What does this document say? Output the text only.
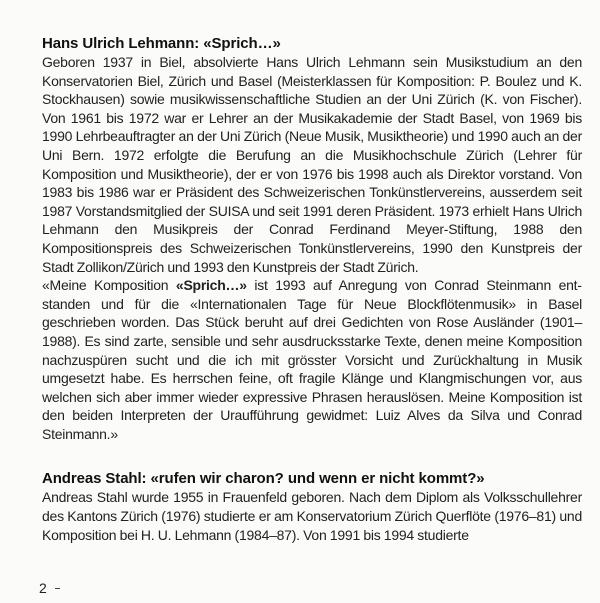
Hans Ulrich Lehmann: «Sprich…»

Geboren 1937 in Biel, absolvierte Hans Ulrich Lehmann sein Musikstudium an den Konservatorien Biel, Zürich und Basel (Meisterklassen für Komposition: P. Boulez und K. Stockhausen) sowie musikwissenschaftliche Studien an der Uni Zürich (K. von Fischer). Von 1961 bis 1972 war er Lehrer an der Musikakademie der Stadt Basel, von 1969 bis 1990 Lehrbeauftragter an der Uni Zürich (Neue Musik, Musiktheorie) und 1990 auch an der Uni Bern. 1972 erfolgte die Berufung an die Musikhochschule Zürich (Lehrer für Komposition und Musiktheorie), der er von 1976 bis 1998 auch als Direktor vorstand. Von 1983 bis 1986 war er Präsident des Schweizerischen Tonkünstlervereins, ausserdem seit 1987 Vorstandsmitglied der SUISA und seit 1991 deren Präsident. 1973 erhielt Hans Ulrich Lehmann den Musikpreis der Conrad Ferdinand Meyer-Stiftung, 1988 den Kompositionspreis des Schweizerischen Tonkünstlervereins, 1990 den Kunstpreis der Stadt Zollikon/Zürich und 1993 den Kunstpreis der Stadt Zürich.

«Meine Komposition «Sprich…» ist 1993 auf Anregung von Conrad Steinmann entstanden und für die «Internationalen Tage für Neue Blockflötenmusik» in Basel geschrieben worden. Das Stück beruht auf drei Gedichten von Rose Ausländer (1901–1988). Es sind zarte, sensible und sehr ausdrucksstarke Texte, denen meine Komposition nachzuspüren sucht und die ich mit grösster Vorsicht und Zurückhaltung in Musik umgesetzt habe. Es herrschen feine, oft fragile Klänge und Klangmischungen vor, aus welchen sich aber immer wieder expressive Phrasen herauslösen. Meine Komposition ist den beiden Interpreten der Uraufführung gewidmet: Luiz Alves da Silva und Conrad Steinmann.»

Andreas Stahl: «rufen wir charon? und wenn er nicht kommt?»

Andreas Stahl wurde 1955 in Frauenfeld geboren. Nach dem Diplom als Volksschullehrer des Kantons Zürich (1976) studierte er am Konservatorium Zürich Querflöte (1976–81) und Komposition bei H. U. Lehmann (1984–87). Von 1991 bis 1994 studierte

2
